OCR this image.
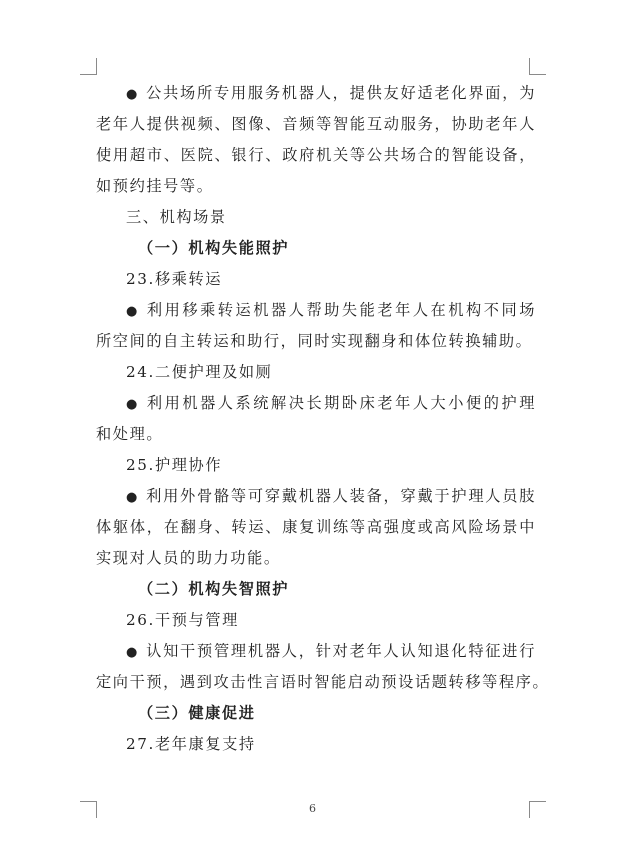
● 公共场所专用服务机器人，提供友好适老化界面，为
老年人提供视频、图像、音频等智能互动服务，协助老年人
使用超市、医院、银行、政府机关等公共场合的智能设备，
如预约挂号等。
三、机构场景
（一）机构失能照护
23.移乘转运
● 利用移乘转运机器人帮助失能老年人在机构不同场
所空间的自主转运和助行，同时实现翻身和体位转换辅助。
24.二便护理及如厕
● 利用机器人系统解决长期卧床老年人大小便的护理
和处理。
25.护理协作
● 利用外骨骼等可穿戴机器人装备，穿戴于护理人员肢
体躯体，在翻身、转运、康复训练等高强度或高风险场景中
实现对人员的助力功能。
（二）机构失智照护
26.干预与管理
● 认知干预管理机器人，针对老年人认知退化特征进行
定向干预，遇到攻击性言语时智能启动预设话题转移等程序。
（三）健康促进
27.老年康复支持
6
